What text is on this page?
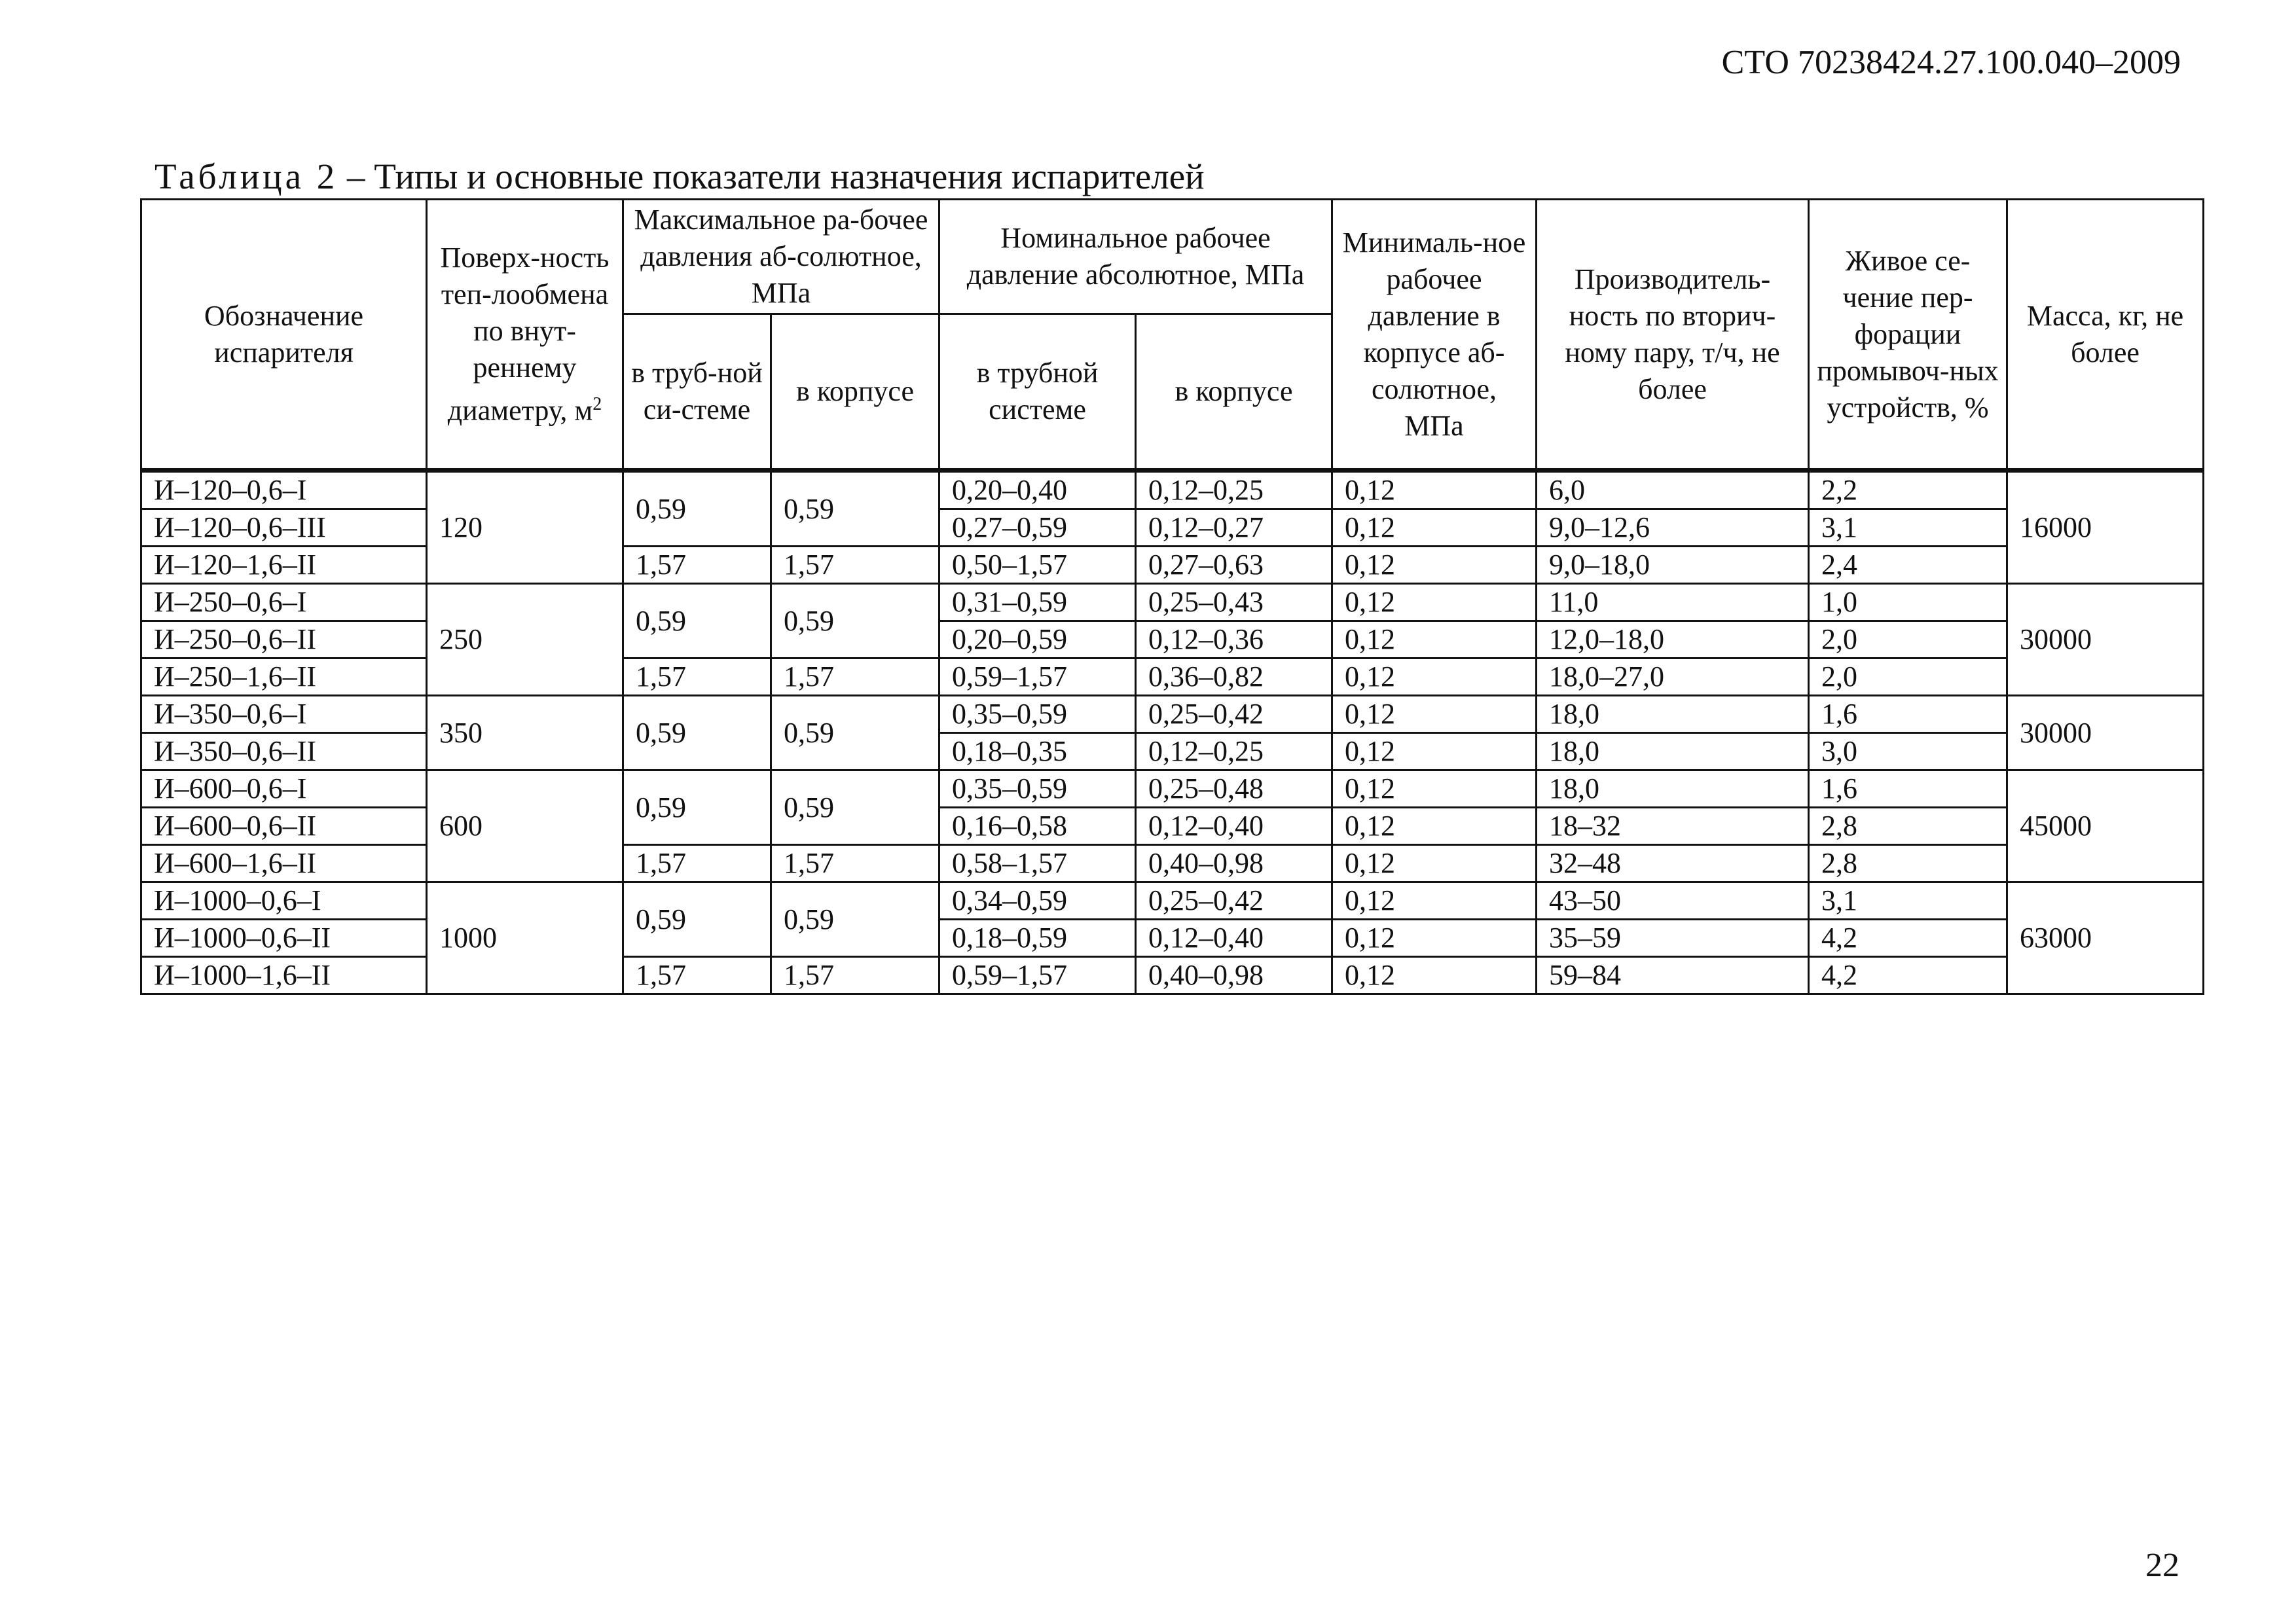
СТО 70238424.27.100.040–2009
Таблица 2 – Типы и основные показатели назначения испарителей
Обозначение испарителя	Поверх-ность теп-лообмена по внут-реннему диаметру, $м^2$	Максимальное ра-бочее давления аб-солютное, МПа		Номинальное рабочее давление абсолютное, МПа		Минималь-ное рабочее давление в корпусе аб-солютное, МПа	Производитель-ность по вторич-ному пару, т/ч, не более	Живое се-чение пер-форации промывоч-ных устройств, %	Масса, кг, не более
		в труб-ной си-стеме	в корпусе	в трубной системе	в корпусе				
И–120–0,6–I	120	0,59	0,59	0,20–0,40	0,12–0,25	0,12	6,0	2,2	16000
И–120–0,6–III				0,27–0,59	0,12–0,27	0,12	9,0–12,6	3,1	
И–120–1,6–II		1,57	1,57	0,50–1,57	0,27–0,63	0,12	9,0–18,0	2,4	
И–250–0,6–I	250	0,59	0,59	0,31–0,59	0,25–0,43	0,12	11,0	1,0	30000
И–250–0,6–II				0,20–0,59	0,12–0,36	0,12	12,0–18,0	2,0	
И–250–1,6–II		1,57	1,57	0,59–1,57	0,36–0,82	0,12	18,0–27,0	2,0	
И–350–0,6–I	350	0,59	0,59	0,35–0,59	0,25–0,42	0,12	18,0	1,6	30000
И–350–0,6–II				0,18–0,35	0,12–0,25	0,12	18,0	3,0	
И–600–0,6–I	600	0,59	0,59	0,35–0,59	0,25–0,48	0,12	18,0	1,6	45000
И–600–0,6–II				0,16–0,58	0,12–0,40	0,12	18–32	2,8	
И–600–1,6–II		1,57	1,57	0,58–1,57	0,40–0,98	0,12	32–48	2,8	
И–1000–0,6–I	1000	0,59	0,59	0,34–0,59	0,25–0,42	0,12	43–50	3,1	63000
И–1000–0,6–II				0,18–0,59	0,12–0,40	0,12	35–59	4,2	
И–1000–1,6–II		1,57	1,57	0,59–1,57	0,40–0,98	0,12	59–84	4,2	
22
